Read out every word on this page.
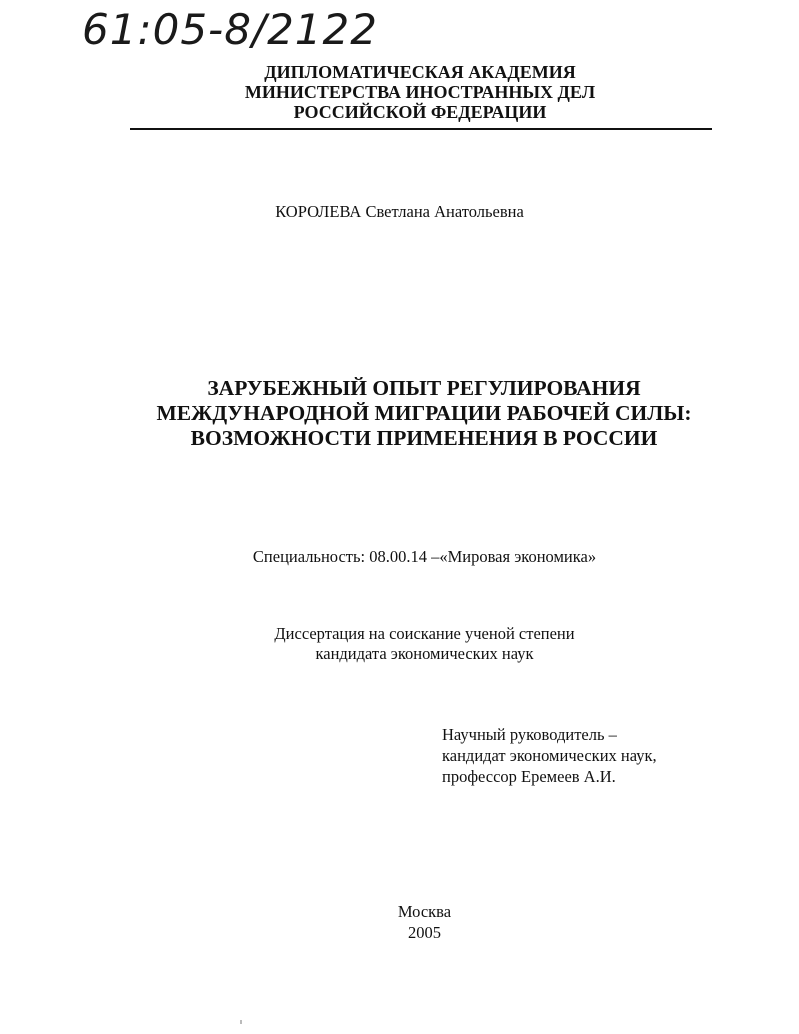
61:05-8/2122
ДИПЛОМАТИЧЕСКАЯ АКАДЕМИЯ
МИНИСТЕРСТВА ИНОСТРАННЫХ ДЕЛ
РОССИЙСКОЙ ФЕДЕРАЦИИ
КОРОЛЕВА Светлана Анатольевна
ЗАРУБЕЖНЫЙ ОПЫТ РЕГУЛИРОВАНИЯ
МЕЖДУНАРОДНОЙ МИГРАЦИИ РАБОЧЕЙ СИЛЫ:
ВОЗМОЖНОСТИ ПРИМЕНЕНИЯ В РОССИИ
Специальность: 08.00.14 –«Мировая экономика»
Диссертация на соискание ученой степени
кандидата экономических наук
Научный руководитель –
кандидат экономических наук,
профессор Еремеев А.И.
Москва
2005
